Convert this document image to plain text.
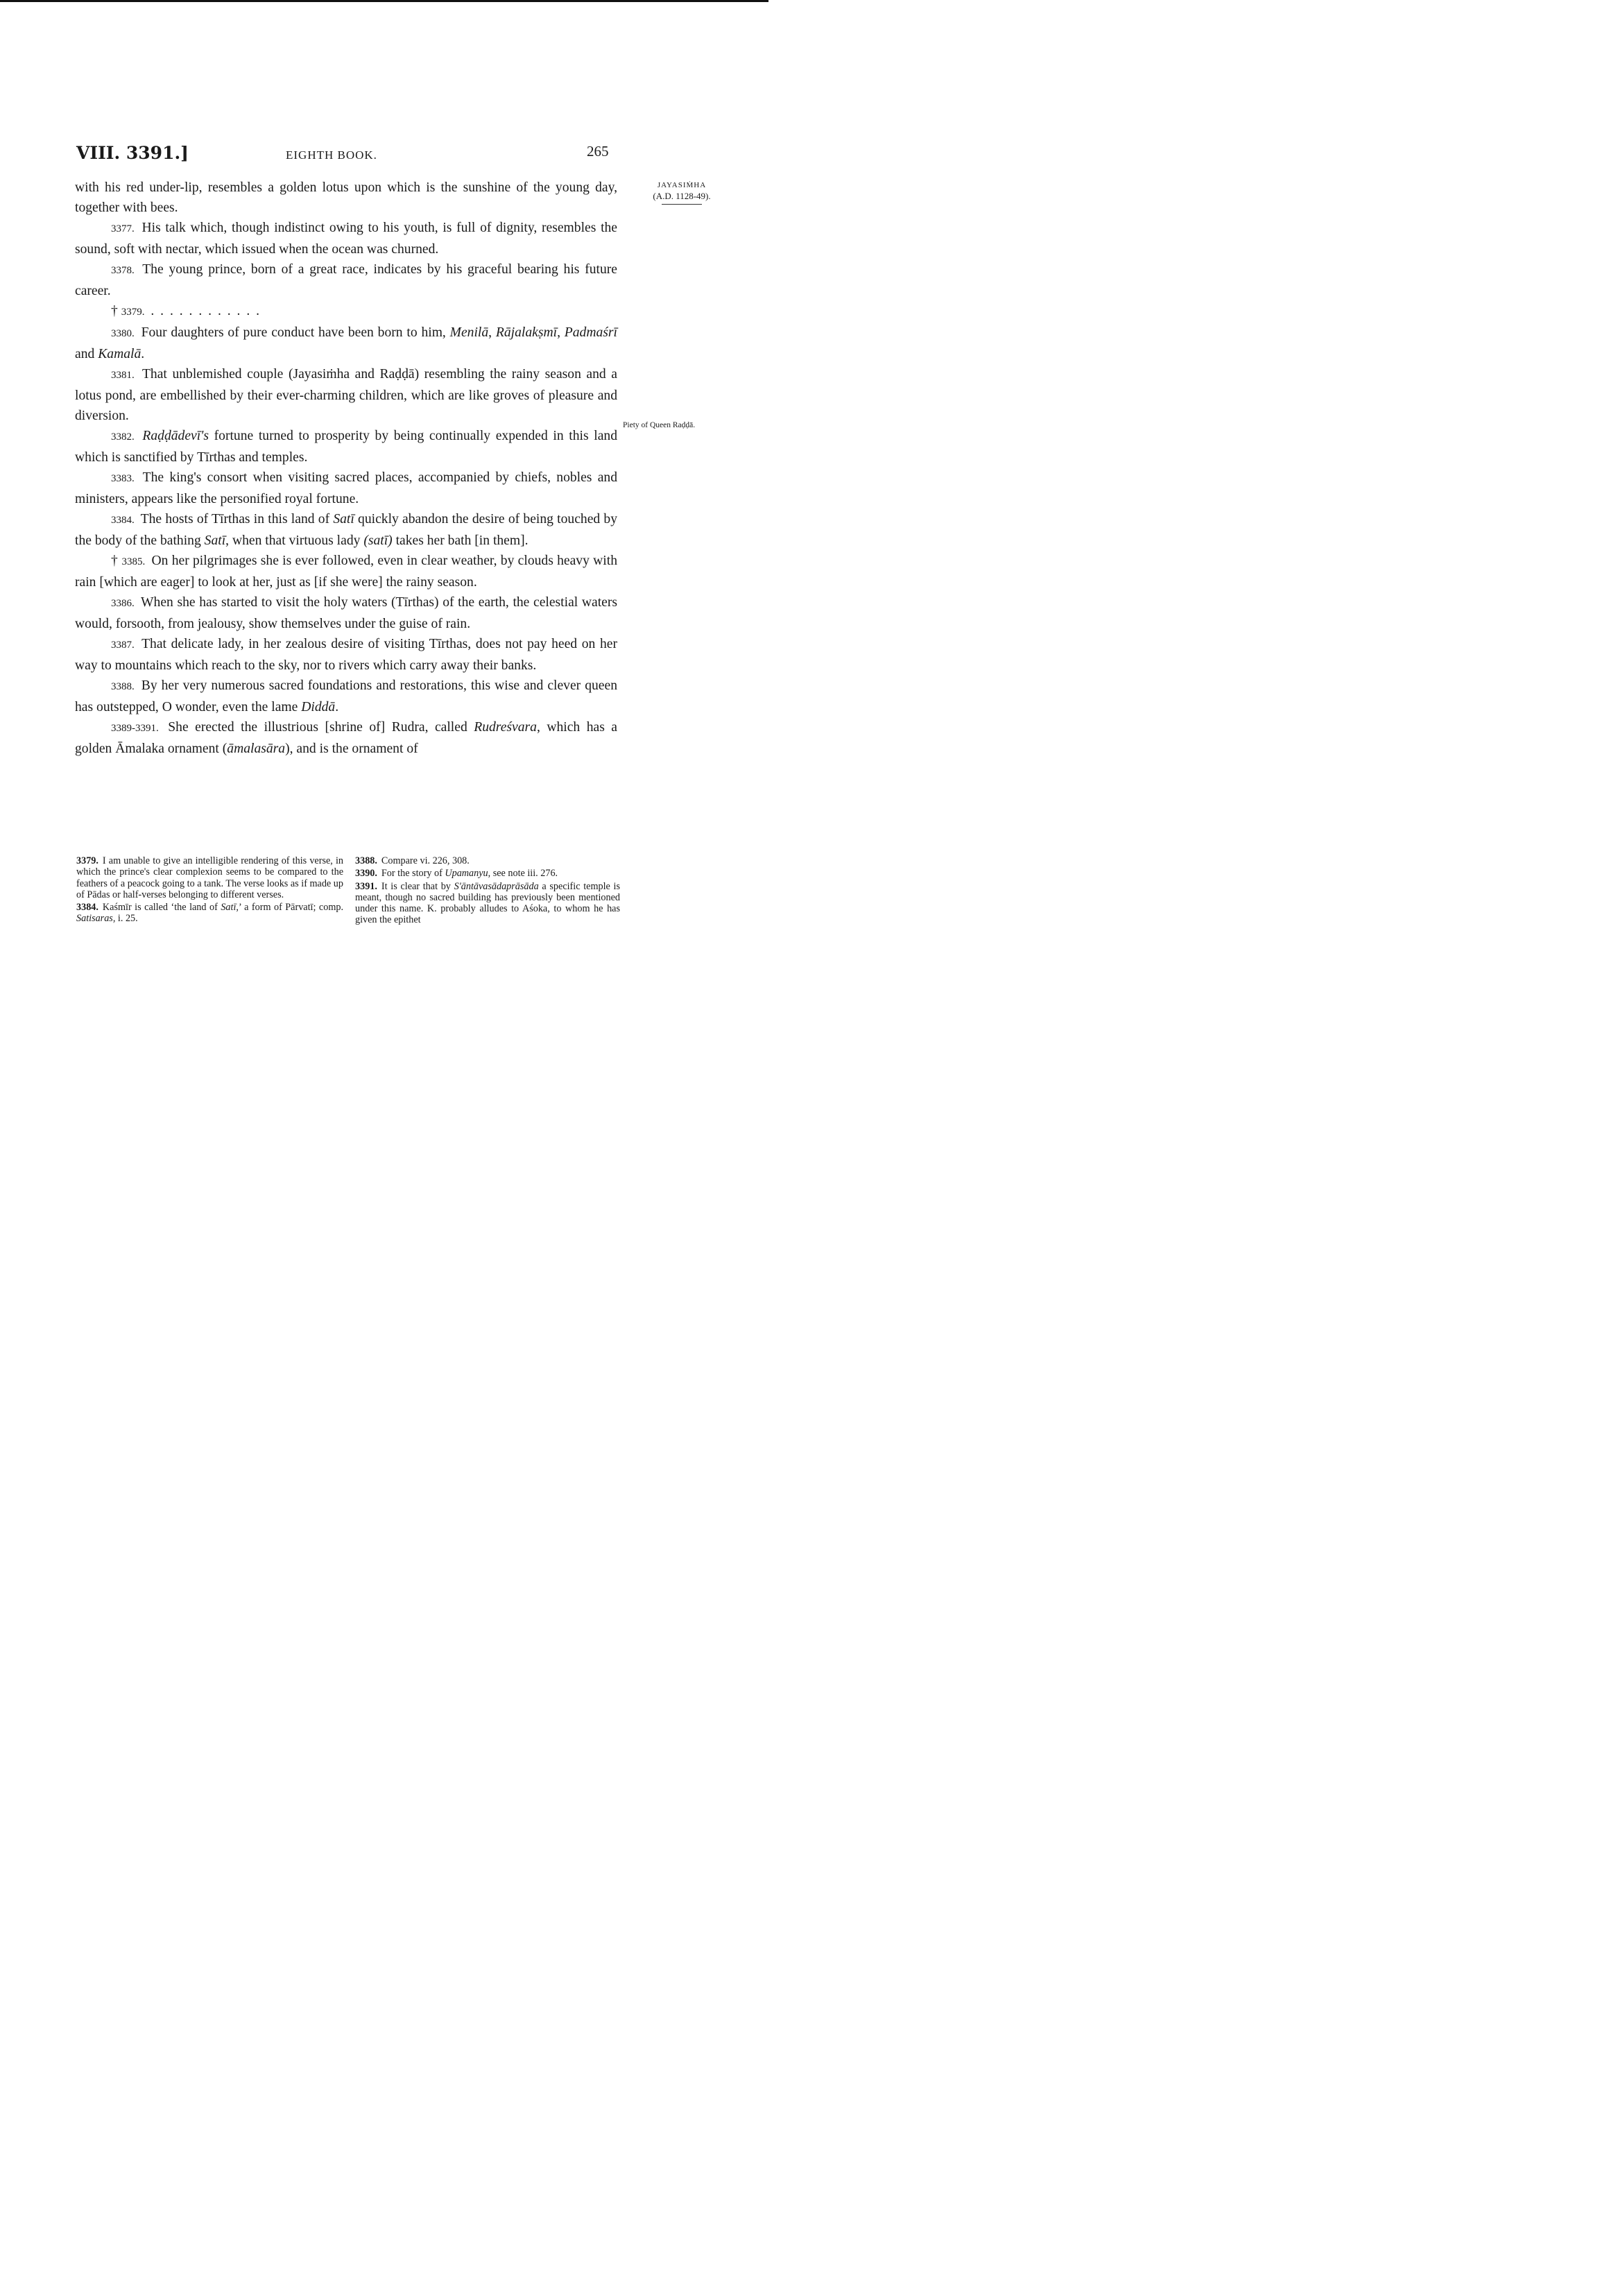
VIII. 3391.]	EIGHTH BOOK.	265
JAYASIṀHA
(A.D. 1128-49).
Piety of Queen Raḍḍā.

with his red under-lip, resembles a golden lotus upon which is the sunshine of the young day, together with bees.

3377. His talk which, though indistinct owing to his youth, is full of dignity, resembles the sound, soft with nectar, which issued when the ocean was churned.

3378. The young prince, born of a great race, indicates by his graceful bearing his future career.

† 3379. . . . . . . . . . . . .

3380. Four daughters of pure conduct have been born to him, Menilā, Rājalakṣmī, Padmaśrī and Kamalā.

3381. That unblemished couple (Jayasiṁha and Raḍḍā) resembling the rainy season and a lotus pond, are embellished by their ever-charming children, which are like groves of pleasure and diversion.

3382. Raḍḍādevī's fortune turned to prosperity by being continually expended in this land which is sanctified by Tīrthas and temples.

3383. The king's consort when visiting sacred places, accompanied by chiefs, nobles and ministers, appears like the personified royal fortune.

3384. The hosts of Tīrthas in this land of Satī quickly abandon the desire of being touched by the body of the bathing Satī, when that virtuous lady (satī) takes her bath [in them].

† 3385. On her pilgrimages she is ever followed, even in clear weather, by clouds heavy with rain [which are eager] to look at her, just as [if she were] the rainy season.

3386. When she has started to visit the holy waters (Tīrthas) of the earth, the celestial waters would, forsooth, from jealousy, show themselves under the guise of rain.

3387. That delicate lady, in her zealous desire of visiting Tīrthas, does not pay heed on her way to mountains which reach to the sky, nor to rivers which carry away their banks.

3388. By her very numerous sacred foundations and restorations, this wise and clever queen has outstepped, O wonder, even the lame Diddā.

3389-3391. She erected the illustrious [shrine of] Rudra, called Rudreśvara, which has a golden Āmalaka ornament (āmalasāra), and is the ornament of

3379. I am unable to give an intelligible rendering of this verse, in which the prince's clear complexion seems to be compared to the feathers of a peacock going to a tank. The verse looks as if made up of Pādas or half-verses belonging to different verses.

3384. Kaśmīr is called ‘the land of Satī,’ a form of Pārvatī; comp. Satisaras, i. 25.

3388. Compare vi. 226, 308.

3390. For the story of Upamanyu, see note iii. 276.

3391. It is clear that by S'āntāvasādaprāsāda a specific temple is meant, though no sacred building has previously been mentioned under this name. K. probably alludes to Aśoka, to whom he has given the epithet
